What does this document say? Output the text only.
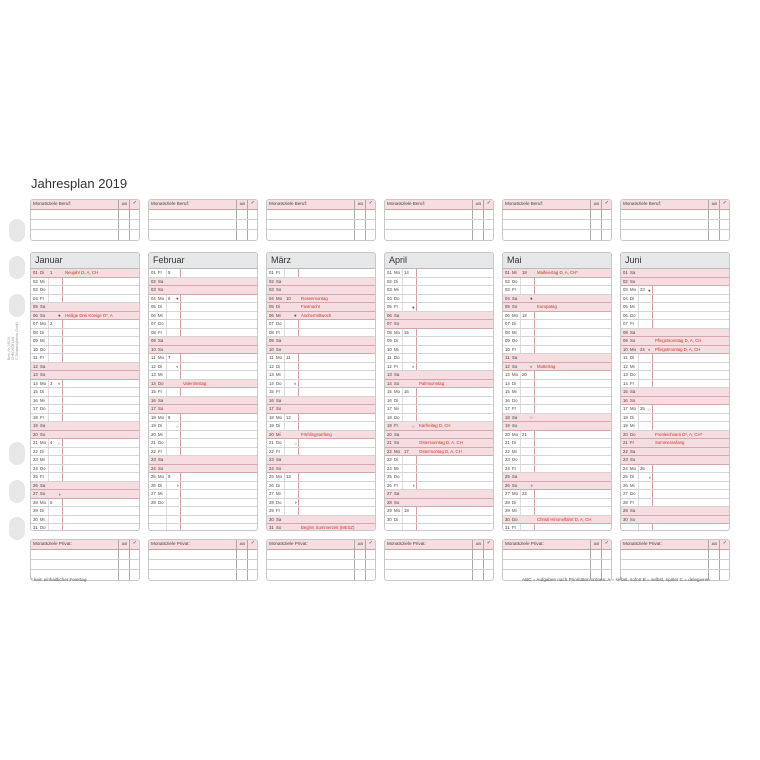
Jahresplan 2019
Best.-Nr. 16219 CHRONOPLAN © Zeitplansysteme GmbH
Monatsziele Beruf:	AB ✓
Januar
01 Di 1	Neujahr D, A, CH
02 Mi
03 Do
04 Fr
05 Sa
06 So	● Heilige Drei Könige D*, A
07 Mo 2
08 Di
09 Mi
10 Do
11 Fr
12 Sa
13 So
14 Mo 3 ◐
15 Di
16 Mi
17 Do
18 Fr
19 Sa
20 So
21 Mo 4 ○
22 Di
23 Mi
24 Do
25 Fr
26 Sa
27 So	◑
28 Mo 5
29 Di
30 Mi
31 Do
Monatsziele Privat:	AB ✓
Monatsziele Beruf:	AB ✓
Februar
01 Fr 5
02 Sa
03 So
04 Mo 6 ●
05 Di
06 Mi
07 Do
08 Fr
09 Sa
10 So
11 Mo 7
12 Di	◐
13 Mi
14 Do	Valentinstag
15 Fr
16 Sa
17 So
18 Mo 8
19 Di	○
20 Mi
21 Do
22 Fr
23 Sa
24 So
25 Mo 9
26 Di	◑
27 Mi
28 Do
Monatsziele Privat:	AB ✓
Monatsziele Beruf:	AB ✓
März
01 Fr
02 Sa
03 So
04 Mo 10 Rosenmontag
05 Di	Fastnacht
06 Mi	● Aschermittwoch
07 Do
08 Fr
09 Sa
10 So
11 Mo 11
12 Di
13 Mi
14 Do	◐
15 Fr
16 Sa
17 So
18 Mo 12
19 Di
20 Mi	Frühlingsanfang
21 Do	○
22 Fr
23 Sa
24 So
25 Mo 13
26 Di
27 Mi
28 Do	◑
29 Fr
30 Sa
31 So	Beginn Sommerzeit (MESZ)
Monatsziele Privat:	AB ✓
Monatsziele Beruf:	AB ✓
April
01 Mo 14
02 Di
03 Mi
04 Do
05 Fr	●
06 Sa
07 So
08 Mo 15
09 Di
10 Mi
11 Do
12 Fr	◐
13 Sa
14 So	Palmsonntag
15 Mo 16
16 Di
17 Mi
18 Do
19 Fr	○ Karfreitag D, CH
20 Sa
21 So	Ostersonntag D, A, CH
22 Mo 17 Ostermontag D, A, CH
23 Di
24 Mi
25 Do
26 Fr	◑
27 Sa
28 So
29 Mo 18
30 Di
Monatsziele Privat:	AB ✓
Monatsziele Beruf:	AB ✓
Mai
01 Mi 18 Maifeiertag D, A, CH*
02 Do
03 Fr
04 Sa	●
05 So	Europatag
06 Mo 19
07 Di
08 Mi
09 Do
10 Fr
11 Sa
12 So	◐ Muttertag
13 Mo 20
14 Di
15 Mi
16 Do
17 Fr
18 Sa	○
19 So
20 Mo 21
21 Di
22 Mi
23 Do
24 Fr
25 Sa
26 So	◑
27 Mo 22
28 Di
29 Mi
30 Do	Christi Himmelfahrt D, A, CH
31 Fr
Monatsziele Privat:	AB ✓
Monatsziele Beruf:	AB ✓
Juni
01 Sa
02 So
03 Mo 23 ●
04 Di
05 Mi
06 Do
07 Fr
08 Sa
09 So	Pfingstsonntag D, A, CH
10 Mo 24 ◐ Pfingstmontag D, A, CH
11 Di
12 Mi
13 Do
14 Fr
15 Sa
16 So
17 Mo 25 ○
18 Di
19 Mi
20 Do	Fronleichnam D*, A, CH*
21 Fr	Sommeranfang
22 Sa
23 So
24 Mo 26
25 Di	◑
26 Mi
27 Do
28 Fr
29 Sa
30 So
Monatsziele Privat:	AB ✓
* kein einheitlicher Feiertag	ABC = Aufgaben nach Prioritäten ordnen: A = selbst, sofort B = selbst, später C = delegieren
